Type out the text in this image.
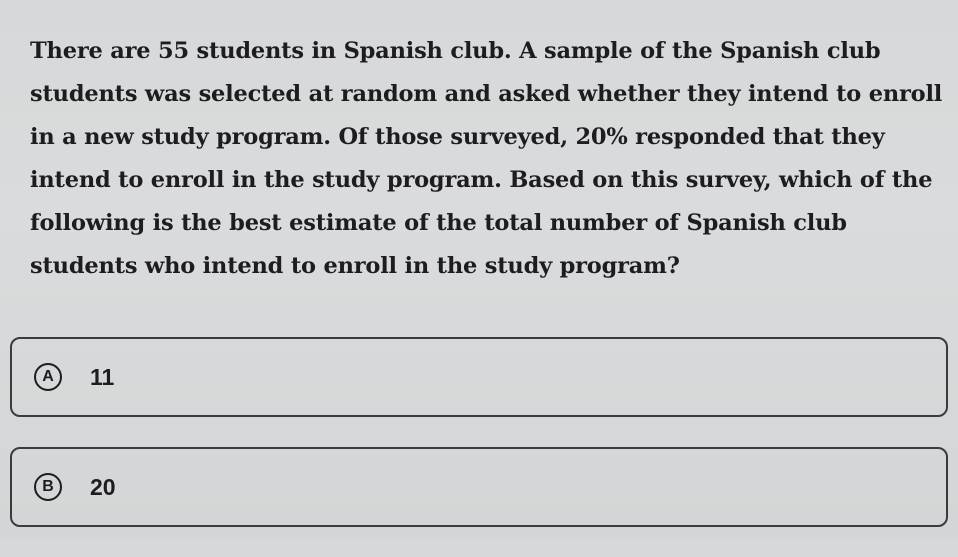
There are 55 students in Spanish club. A sample of the Spanish club students was selected at random and asked whether they intend to enroll in a new study program. Of those surveyed, 20% responded that they intend to enroll in the study program. Based on this survey, which of the following is the best estimate of the total number of Spanish club students who intend to enroll in the study program?

A	11
B	20
